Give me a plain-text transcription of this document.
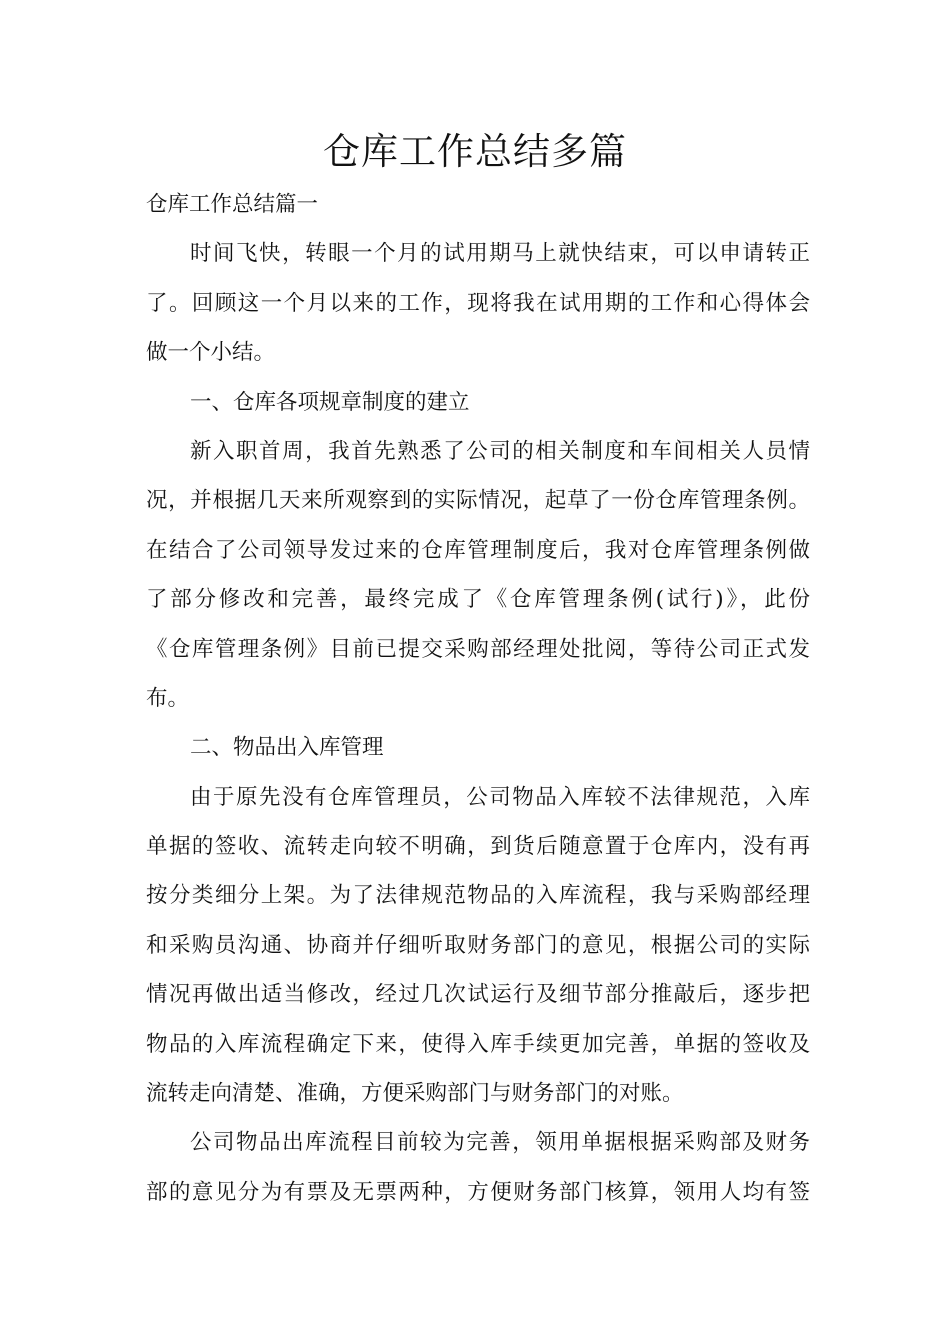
仓库工作总结多篇
仓库工作总结篇一
时间飞快，转眼一个月的试用期马上就快结束，可以申请转正
了。回顾这一个月以来的工作，现将我在试用期的工作和心得体会
做一个小结。
一、仓库各项规章制度的建立
新入职首周，我首先熟悉了公司的相关制度和车间相关人员情
况，并根据几天来所观察到的实际情况，起草了一份仓库管理条例。
在结合了公司领导发过来的仓库管理制度后，我对仓库管理条例做
了部分修改和完善，最终完成了《仓库管理条例(试行)》，此份
《仓库管理条例》目前已提交采购部经理处批阅，等待公司正式发
布。
二、物品出入库管理
由于原先没有仓库管理员，公司物品入库较不法律规范，入库
单据的签收、流转走向较不明确，到货后随意置于仓库内，没有再
按分类细分上架。为了法律规范物品的入库流程，我与采购部经理
和采购员沟通、协商并仔细听取财务部门的意见，根据公司的实际
情况再做出适当修改，经过几次试运行及细节部分推敲后，逐步把
物品的入库流程确定下来，使得入库手续更加完善，单据的签收及
流转走向清楚、准确，方便采购部门与财务部门的对账。
公司物品出库流程目前较为完善，领用单据根据采购部及财务
部的意见分为有票及无票两种，方便财务部门核算，领用人均有签
